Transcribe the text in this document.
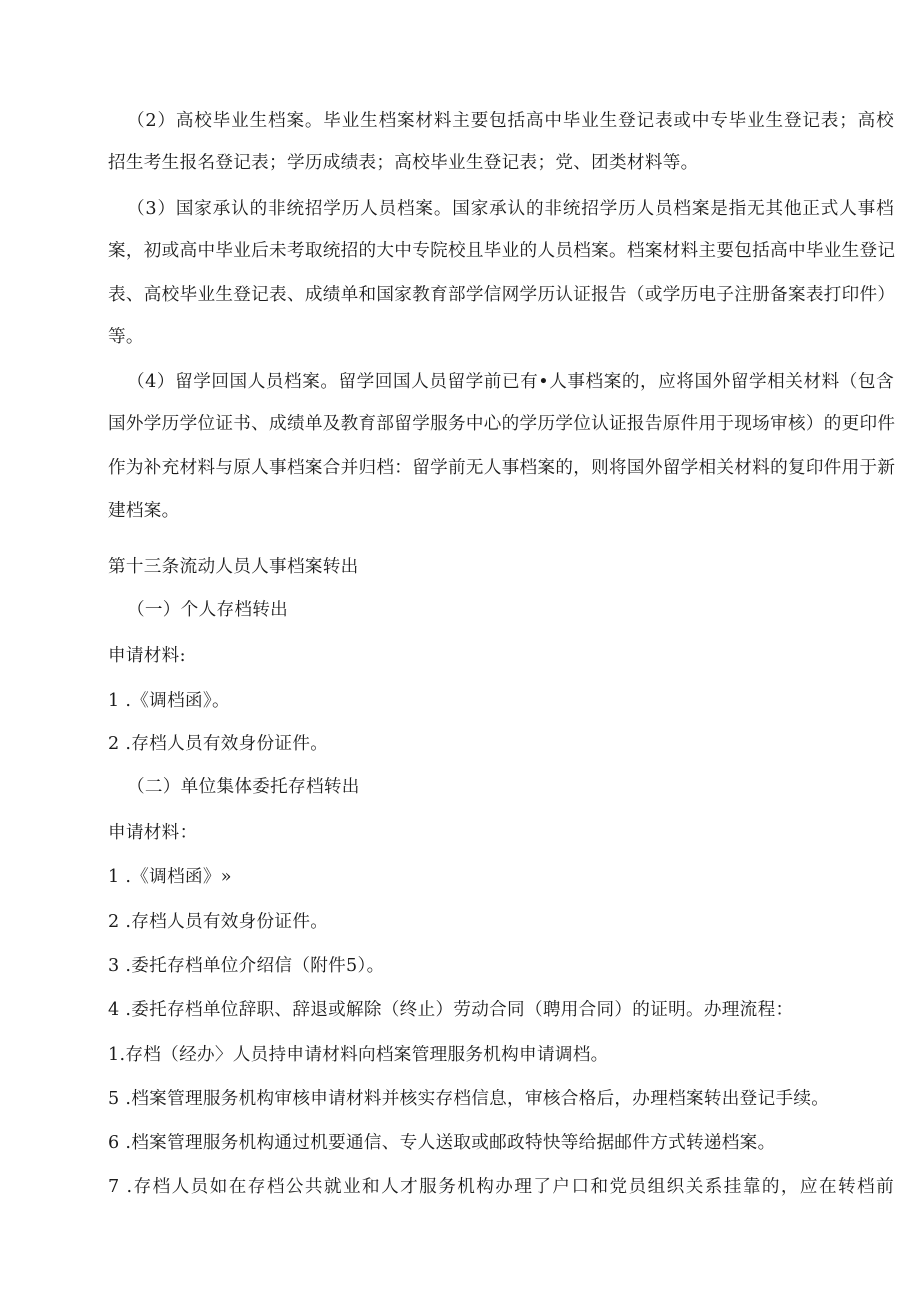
（2）高校毕业生档案。毕业生档案材料主要包括高中毕业生登记表或中专毕业生登记表；高校
招生考生报名登记表；学历成绩表；高校毕业生登记表；党、团类材料等。
（3）国家承认的非统招学历人员档案。国家承认的非统招学历人员档案是指无其他正式人事档
案，初或高中毕业后未考取统招的大中专院校且毕业的人员档案。档案材料主要包括高中毕业生登记
表、高校毕业生登记表、成绩单和国家教育部学信网学历认证报告（或学历电子注册备案表打印件）
等。
（4）留学回国人员档案。留学回国人员留学前已有•人事档案的，应将国外留学相关材料（包含
国外学历学位证书、成绩单及教育部留学服务中心的学历学位认证报告原件用于现场审核）的更印件
作为补充材料与原人事档案合并归档：留学前无人事档案的，则将国外留学相关材料的复印件用于新
建档案。
第十三条流动人员人事档案转出
（一）个人存档转出
申请材料:
1 .《调档函》。
2 .存档人员有效身份证件。
（二）单位集体委托存档转出
申请材料：
1 .《调档函》»
2 .存档人员有效身份证件。
3 .委托存档单位介绍信（附件5）。
4 .委托存档单位辞职、辞退或解除（终止）劳动合同（聘用合同）的证明。办理流程：
1.存档（经办〉人员持申请材料向档案管理服务机构申请调档。
5 .档案管理服务机构审核申请材料并核实存档信息，审核合格后，办理档案转出登记手续。
6 .档案管理服务机构通过机要通信、专人送取或邮政特快等给据邮件方式转递档案。
7 .存档人员如在存档公共就业和人才服务机构办理了户口和党员组织关系挂靠的，应在转档前
